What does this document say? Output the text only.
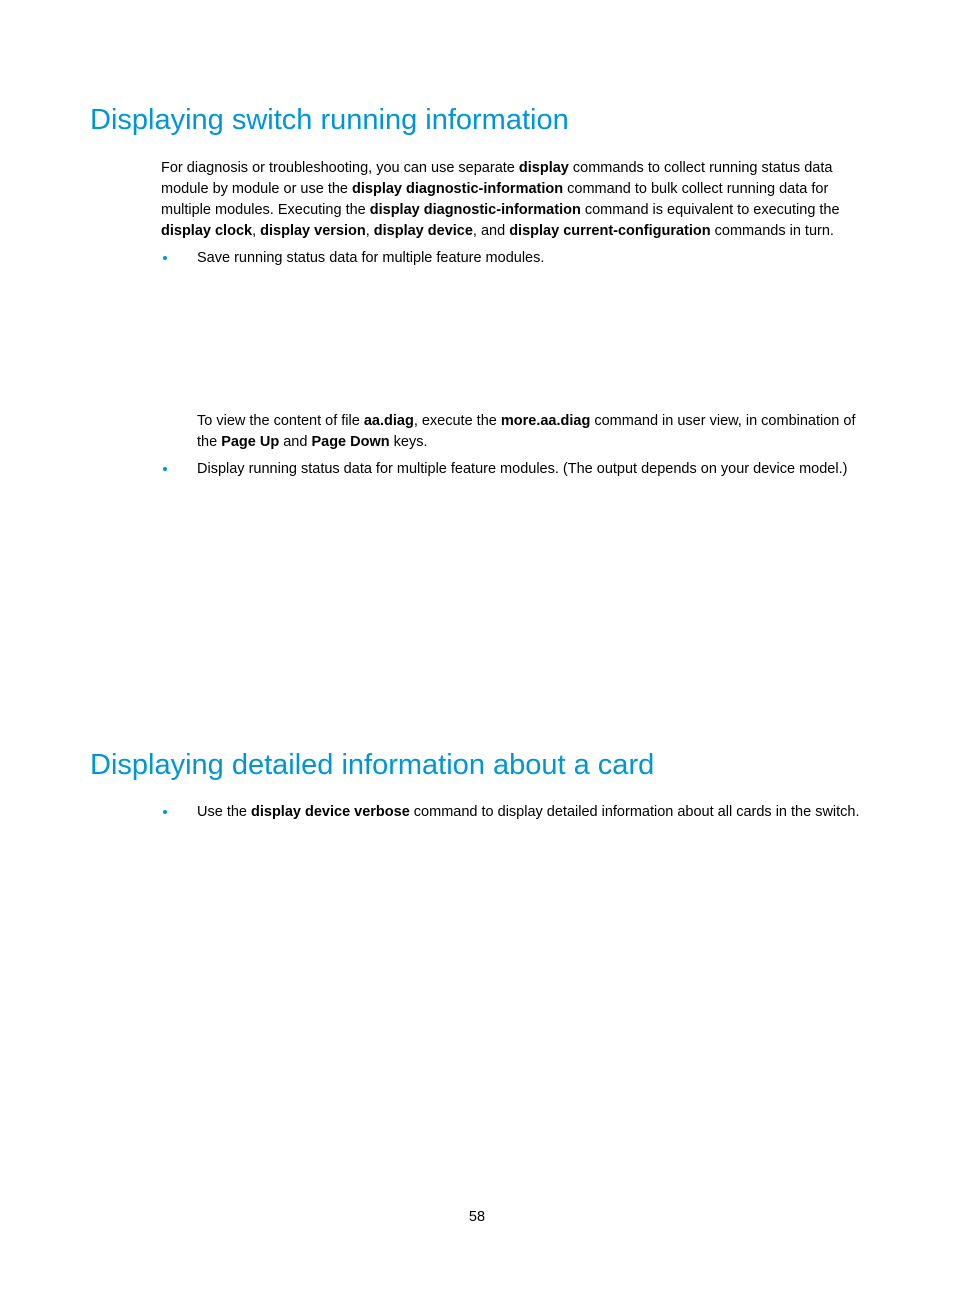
Displaying switch running information

For diagnosis or troubleshooting, you can use separate display commands to collect running status data module by module or use the display diagnostic-information command to bulk collect running data for multiple modules. Executing the display diagnostic-information command is equivalent to executing the display clock, display version, display device, and display current-configuration commands in turn.

Save running status data for multiple feature modules.

To view the content of file aa.diag, execute the more.aa.diag command in user view, in combination of the Page Up and Page Down keys.

Display running status data for multiple feature modules. (The output depends on your device model.)
Displaying detailed information about a card
Use the display device verbose command to display detailed information about all cards in the switch.
58
